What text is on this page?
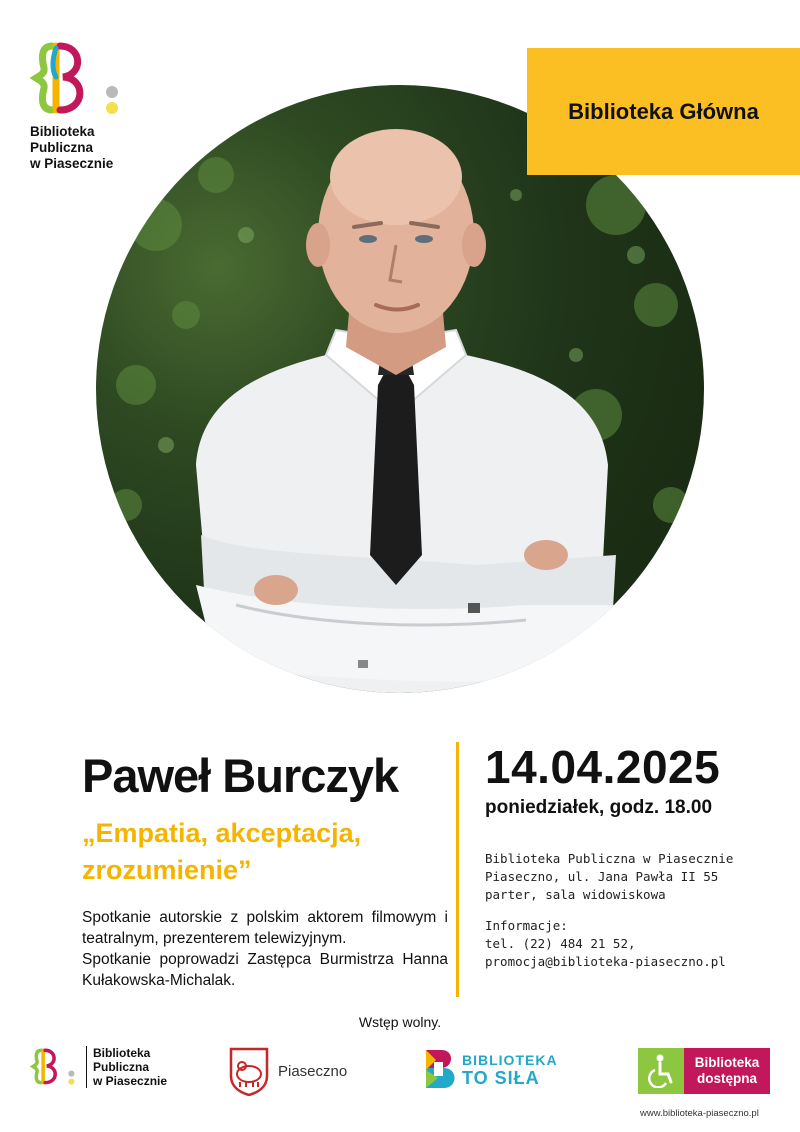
Biblioteka
Publiczna
w Piasecznie
Biblioteka Główna
Paweł Burczyk
„Empatia, akceptacja,
zrozumienie”

Spotkanie autorskie z polskim aktorem filmowym i teatralnym, prezenterem telewizyjnym.

Spotkanie poprowadzi Zastępca Burmistrza Hanna Kułakowska-Michalak.

14.04.2025
poniedziałek, godz. 18.00
Biblioteka Publiczna w Piasecznie
Piaseczno, ul. Jana Pawła II 55
parter, sala widowiskowa
Informacje:
tel. (22) 484 21 52,
promocja@biblioteka-piaseczno.pl
Wstęp wolny.
Biblioteka
Publiczna
w Piasecznie
Piaseczno
BIBLIOTEKA
TO SIŁA
Biblioteka
dostępna
www.biblioteka-piaseczno.pl
